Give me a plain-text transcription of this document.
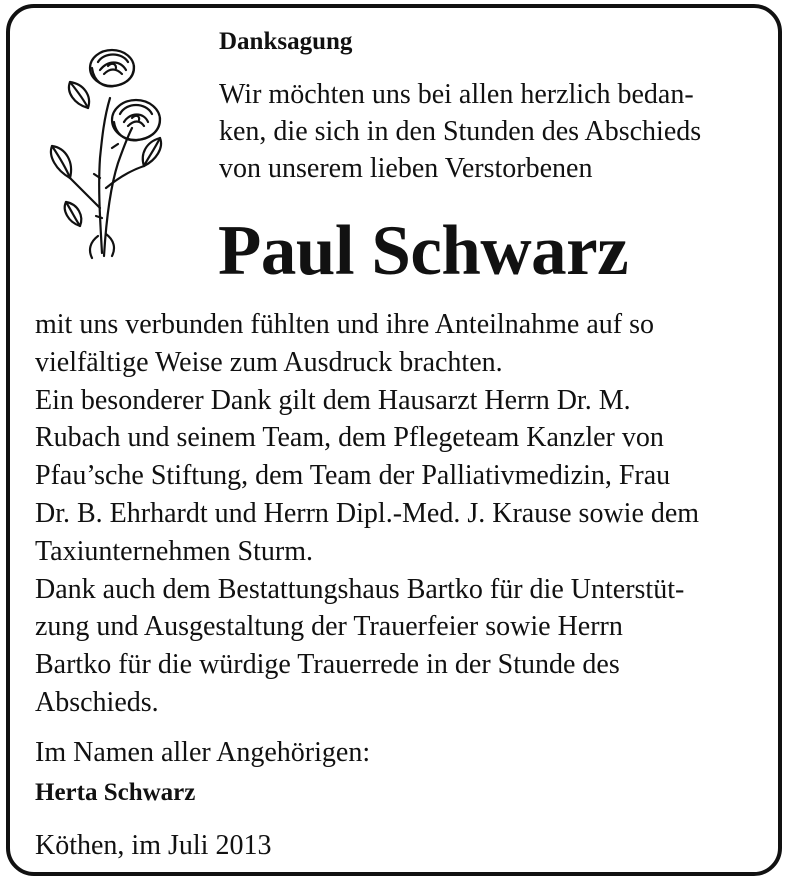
Danksagung

Wir möchten uns bei allen herzlich bedan-
ken, die sich in den Stunden des Abschieds
von unserem lieben Verstorbenen

Paul Schwarz

mit uns verbunden fühlten und ihre Anteilnahme auf so
vielfältige Weise zum Ausdruck brachten.
Ein besonderer Dank gilt dem Hausarzt Herrn Dr. M.
Rubach und seinem Team, dem Pflegeteam Kanzler von
Pfau’sche Stiftung, dem Team der Palliativmedizin, Frau
Dr. B. Ehrhardt und Herrn Dipl.-Med. J. Krause sowie dem
Taxiunternehmen Sturm.
Dank auch dem Bestattungshaus Bartko für die Unterstüt-
zung und Ausgestaltung der Trauerfeier sowie Herrn
Bartko für die würdige Trauerrede in der Stunde des
Abschieds.

Im Namen aller Angehörigen:

Herta Schwarz

Köthen, im Juli 2013
